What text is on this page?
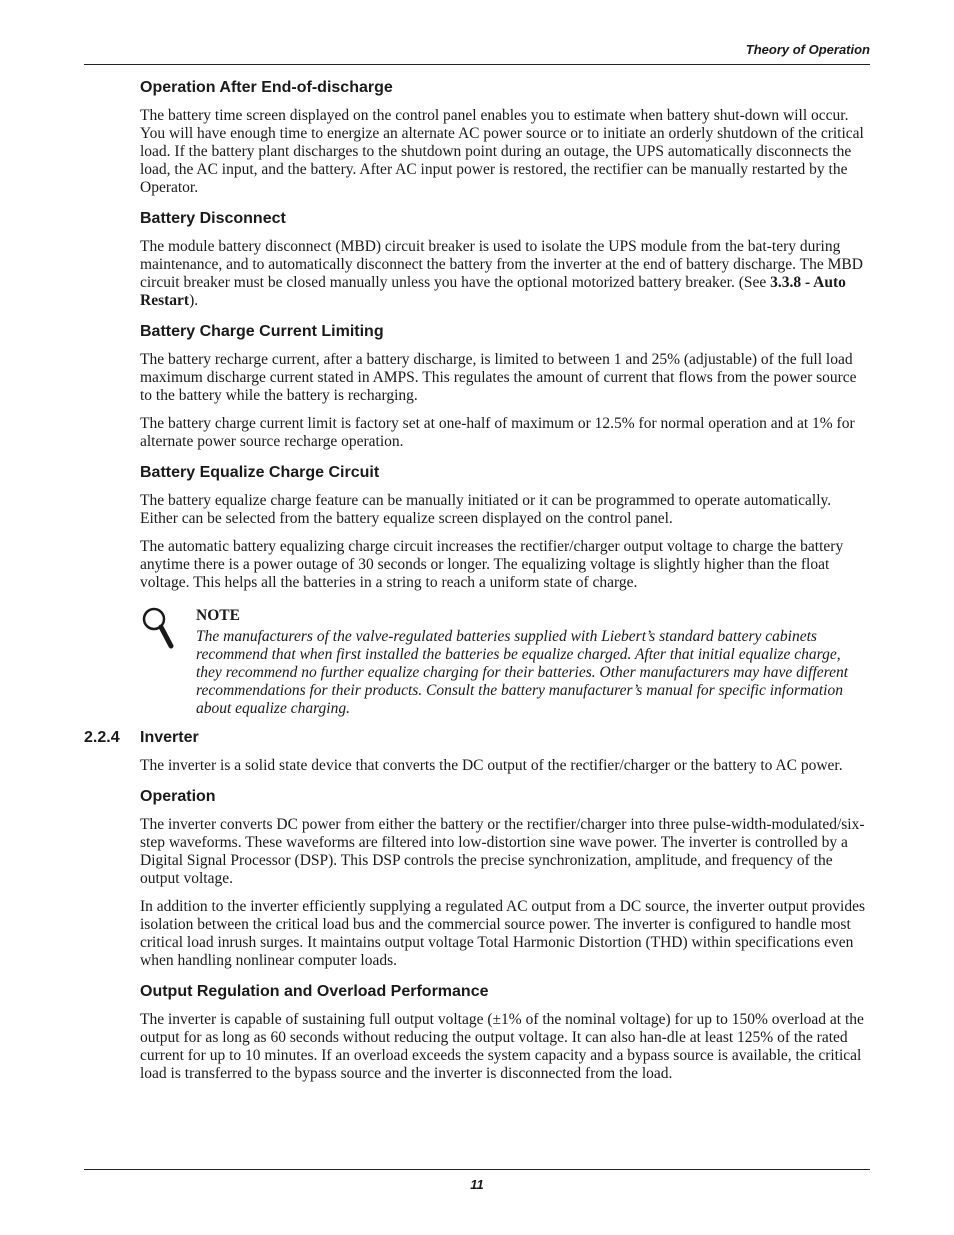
Theory of Operation
Operation After End-of-discharge

The battery time screen displayed on the control panel enables you to estimate when battery shut-down will occur. You will have enough time to energize an alternate AC power source or to initiate an orderly shutdown of the critical load. If the battery plant discharges to the shutdown point during an outage, the UPS automatically disconnects the load, the AC input, and the battery. After AC input power is restored, the rectifier can be manually restarted by the Operator.

Battery Disconnect

The module battery disconnect (MBD) circuit breaker is used to isolate the UPS module from the bat-tery during maintenance, and to automatically disconnect the battery from the inverter at the end of battery discharge. The MBD circuit breaker must be closed manually unless you have the optional motorized battery breaker. (See 3.3.8 - Auto Restart).

Battery Charge Current Limiting

The battery recharge current, after a battery discharge, is limited to between 1 and 25% (adjustable) of the full load maximum discharge current stated in AMPS. This regulates the amount of current that flows from the power source to the battery while the battery is recharging.

The battery charge current limit is factory set at one-half of maximum or 12.5% for normal operation and at 1% for alternate power source recharge operation.

Battery Equalize Charge Circuit

The battery equalize charge feature can be manually initiated or it can be programmed to operate automatically. Either can be selected from the battery equalize screen displayed on the control panel.

The automatic battery equalizing charge circuit increases the rectifier/charger output voltage to charge the battery anytime there is a power outage of 30 seconds or longer. The equalizing voltage is slightly higher than the float voltage. This helps all the batteries in a string to reach a uniform state of charge.

NOTE

The manufacturers of the valve-regulated batteries supplied with Liebert’s standard battery cabinets recommend that when first installed the batteries be equalize charged. After that initial equalize charge, they recommend no further equalize charging for their batteries. Other manufacturers may have different recommendations for their products. Consult the battery manufacturer’s manual for specific information about equalize charging.

2.2.4 Inverter

The inverter is a solid state device that converts the DC output of the rectifier/charger or the battery to AC power.

Operation

The inverter converts DC power from either the battery or the rectifier/charger into three pulse-width-modulated/six-step waveforms. These waveforms are filtered into low-distortion sine wave power. The inverter is controlled by a Digital Signal Processor (DSP). This DSP controls the precise synchronization, amplitude, and frequency of the output voltage.

In addition to the inverter efficiently supplying a regulated AC output from a DC source, the inverter output provides isolation between the critical load bus and the commercial source power. The inverter is configured to handle most critical load inrush surges. It maintains output voltage Total Harmonic Distortion (THD) within specifications even when handling nonlinear computer loads.

Output Regulation and Overload Performance

The inverter is capable of sustaining full output voltage (±1% of the nominal voltage) for up to 150% overload at the output for as long as 60 seconds without reducing the output voltage. It can also han-dle at least 125% of the rated current for up to 10 minutes. If an overload exceeds the system capacity and a bypass source is available, the critical load is transferred to the bypass source and the inverter is disconnected from the load.

11
